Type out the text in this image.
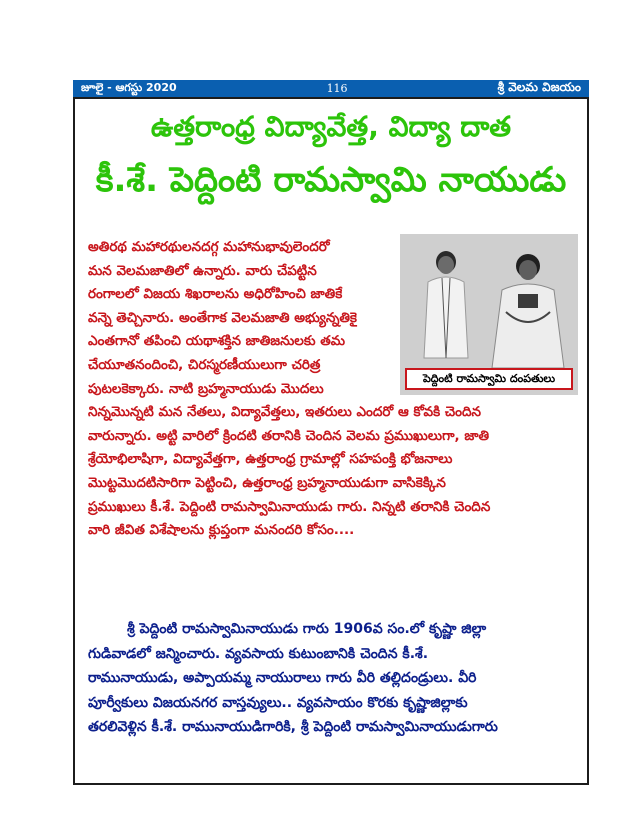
జూలై - ఆగస్టు 2020	116	శ్రీ వెలమ విజయం
ఉత్తరాంధ్ర విద్యావేత్త, విద్యా దాత
కీ.శే. పెద్దింటి రామస్వామి నాయుడు
పెద్దింటి రామస్వామి దంపతులు
అతిరథ మహారథులనదగ్గ మహానుభావులెందరో
మన వెలమజాతిలో ఉన్నారు. వారు చేపట్టిన
రంగాలలో విజయ శిఖరాలను అధిరోహించి జాతికే
వన్నె తెచ్చినారు. అంతేగాక వెలమజాతి అభ్యున్నతికై
ఎంతగానో తపించి యథాశక్తిన జాతిజనులకు తమ
చేయూతనందించి, చిరస్మరణీయులుగా చరిత్ర
పుటలకెక్కారు. నాటి బ్రహ్మనాయుడు మొదలు
నిన్నమొన్నటి మన నేతలు, విద్యావేత్తలు, ఇతరులు ఎందరో ఆ కోవకి చెందిన
వారున్నారు. అట్టి వారిలో క్రిందటి తరానికి చెందిన వెలమ ప్రముఖులుగా, జాతి
శ్రేయోభిలాషిగా, విద్యావేత్తగా, ఉత్తరాంధ్ర గ్రామాల్లో సహపంక్తి భోజనాలు
మొట్టమొదటిసారిగా పెట్టించి, ఉత్తరాంధ్ర బ్రహ్మనాయుడుగా వాసికెక్కిన
ప్రముఖులు కీ.శే. పెద్దింటి రామస్వామినాయుడు గారు. నిన్నటి తరానికి చెందిన
వారి జీవిత విశేషాలను క్లుప్తంగా మనందరి కోసం....
శ్రీ పెద్దింటి రామస్వామినాయుడు గారు 1906వ సం.లో కృష్ణా జిల్లా
గుడివాడలో జన్మించారు. వ్యవసాయ కుటుంబానికి చెందిన కీ.శే.
రామునాయుడు, అప్పాయమ్మ నాయురాలు గారు వీరి తల్లిదండ్రులు. వీరి
పూర్వీకులు విజయనగర వాస్తవ్యులు.. వ్యవసాయం కొరకు కృష్ణాజిల్లాకు
తరలివెళ్లిన కీ.శే. రామునాయుడిగారికి, శ్రీ పెద్దింటి రామస్వామినాయుడుగారు
